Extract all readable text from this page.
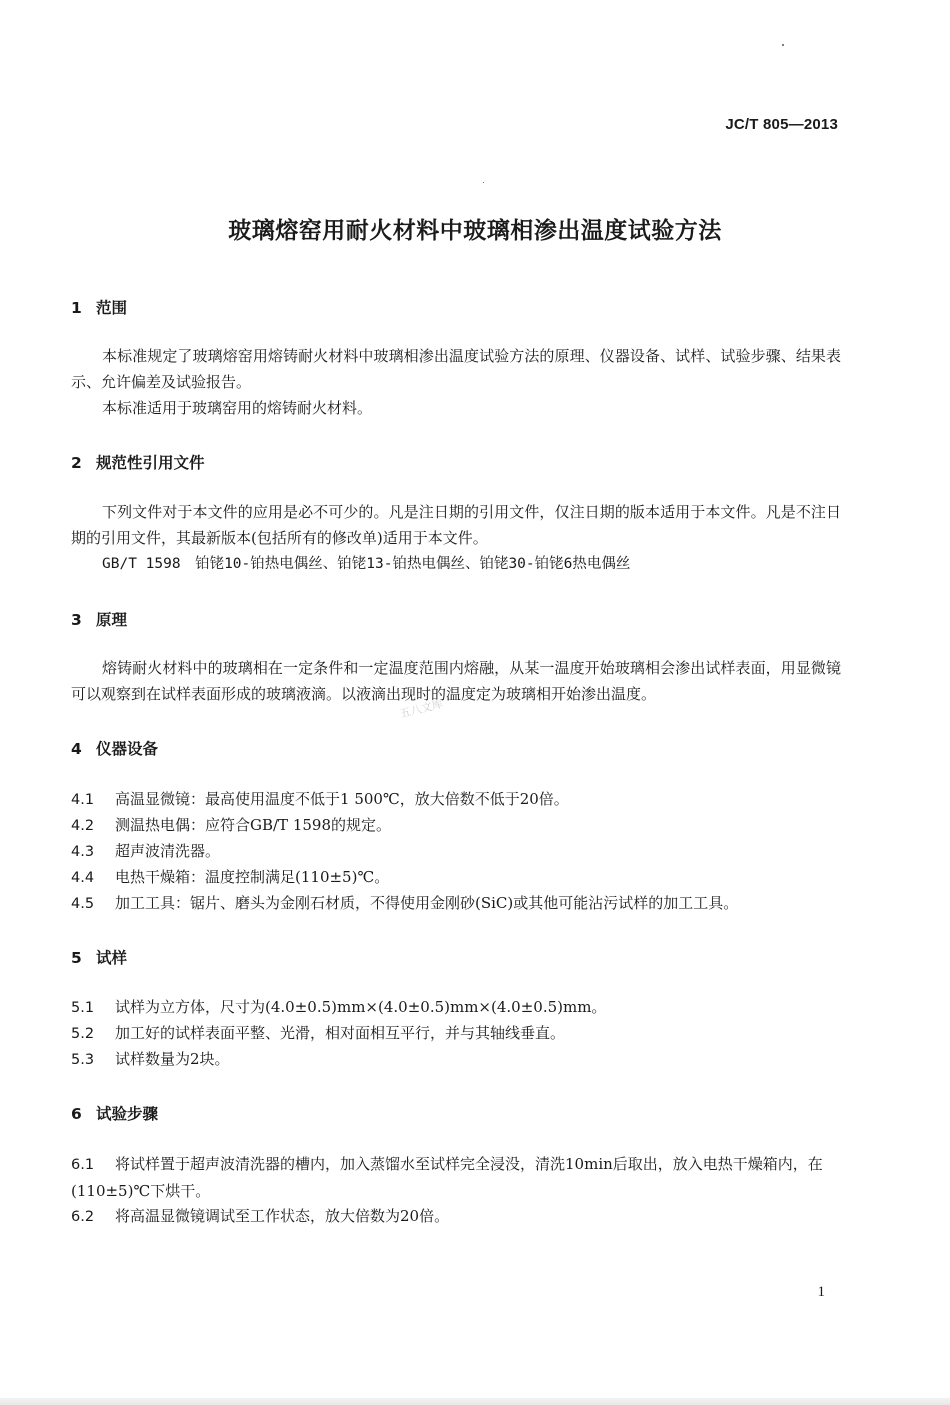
JC/T 805—2013
玻璃熔窑用耐火材料中玻璃相渗出温度试验方法
1 范围
本标准规定了玻璃熔窑用熔铸耐火材料中玻璃相渗出温度试验方法的原理、仪器设备、试样、试验步骤、结果表示、允许偏差及试验报告。
本标准适用于玻璃窑用的熔铸耐火材料。
2 规范性引用文件
下列文件对于本文件的应用是必不可少的。凡是注日期的引用文件，仅注日期的版本适用于本文件。凡是不注日期的引用文件，其最新版本(包括所有的修改单)适用于本文件。
GB/T 1598　铂铑10-铂热电偶丝、铂铑13-铂热电偶丝、铂铑30-铂铑6热电偶丝
3 原理
熔铸耐火材料中的玻璃相在一定条件和一定温度范围内熔融，从某一温度开始玻璃相会渗出试样表面，用显微镜可以观察到在试样表面形成的玻璃液滴。以液滴出现时的温度定为玻璃相开始渗出温度。
4 仪器设备
4.1 高温显微镜：最高使用温度不低于1 500℃，放大倍数不低于20倍。
4.2 测温热电偶：应符合GB/T 1598的规定。
4.3 超声波清洗器。
4.4 电热干燥箱：温度控制满足(110±5)℃。
4.5 加工工具：锯片、磨头为金刚石材质，不得使用金刚砂(SiC)或其他可能沾污试样的加工工具。
5 试样
5.1 试样为立方体，尺寸为(4.0±0.5)mm×(4.0±0.5)mm×(4.0±0.5)mm。
5.2 加工好的试样表面平整、光滑，相对面相互平行，并与其轴线垂直。
5.3 试样数量为2块。
6 试验步骤
6.1 将试样置于超声波清洗器的槽内，加入蒸馏水至试样完全浸没，清洗10min后取出，放入电热干燥箱内，在(110±5)℃下烘干。
6.2 将高温显微镜调试至工作状态，放大倍数为20倍。
1
五八文库
